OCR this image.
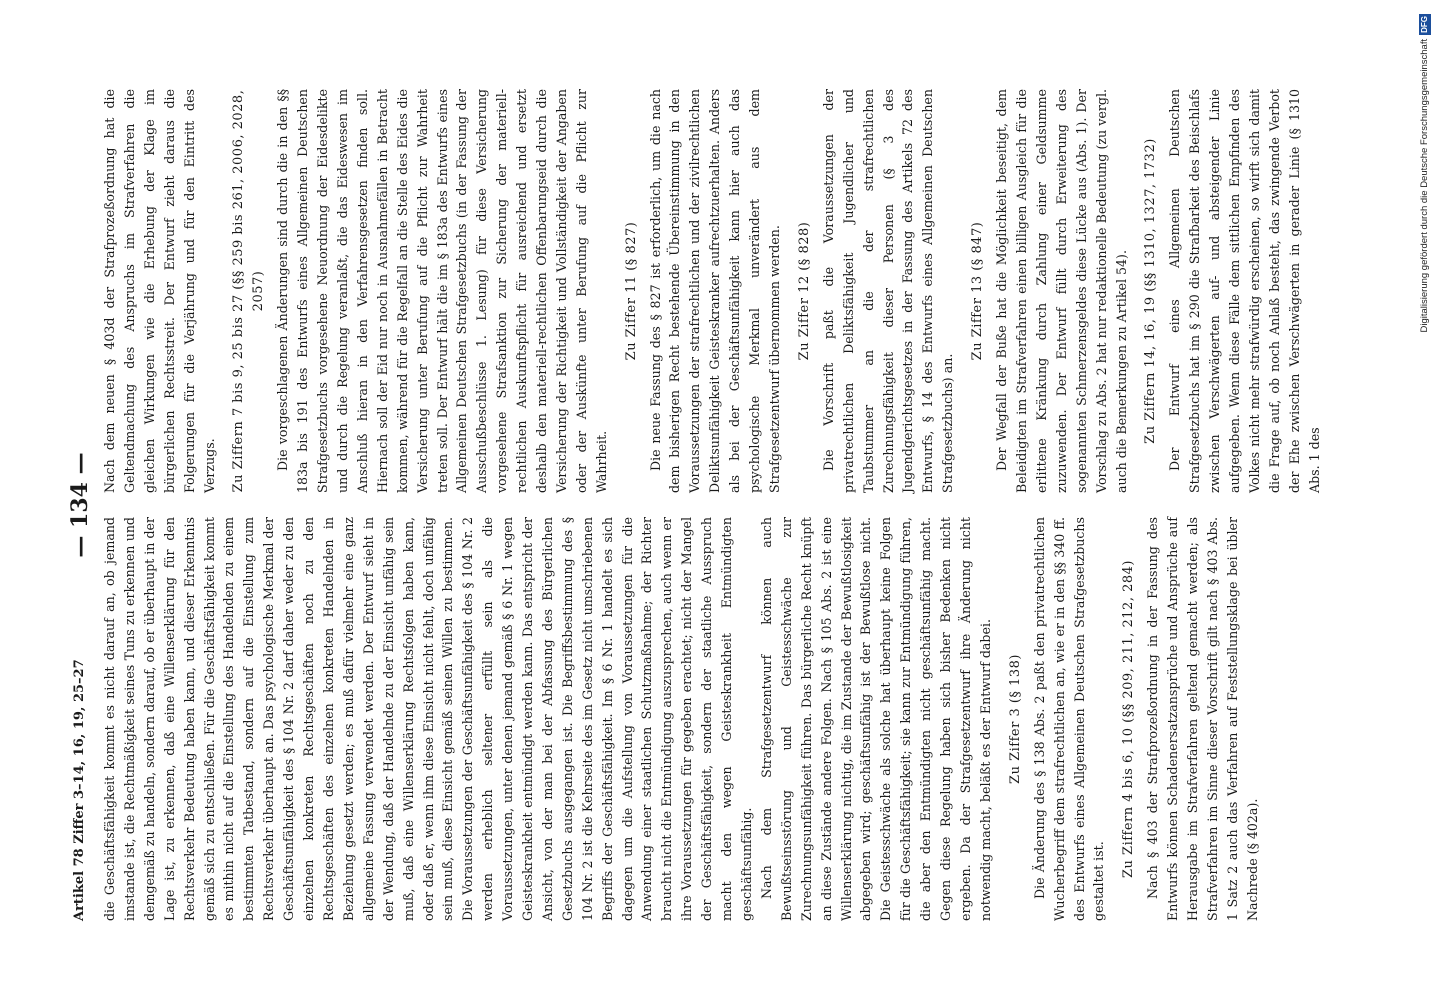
Artikel 78 Ziffer 3–14, 16, 19, 25–27
— 134 —

die Geschäftsfähigkeit kommt es nicht darauf an, ob jemand imstande ist, die Rechtmäßigkeit seines Tuns zu erkennen und demgemäß zu handeln, sondern darauf, ob er überhaupt in der Lage ist, zu erkennen, daß eine Willenserklärung für den Rechtsverkehr Bedeutung haben kann, und dieser Erkenntnis gemäß sich zu entschließen. Für die Geschäftsfähigkeit kommt es mithin nicht auf die Einstellung des Handelnden zu einem bestimmten Tatbestand, sondern auf die Einstellung zum Rechtsverkehr überhaupt an. Das psychologische Merkmal der Geschäftsunfähigkeit des § 104 Nr. 2 darf daher weder zu den einzelnen konkreten Rechtsgeschäften noch zu den Rechtsgeschäften des einzelnen konkreten Handelnden in Beziehung gesetzt werden; es muß dafür vielmehr eine ganz allgemeine Fassung verwendet werden. Der Entwurf sieht in der Wendung, daß der Handelnde zu der Einsicht unfähig sein muß, daß eine Willenserklärung Rechtsfolgen haben kann, oder daß er, wenn ihm diese Einsicht nicht fehlt, doch unfähig sein muß, diese Einsicht gemäß seinen Willen zu bestimmen. Die Voraussetzungen der Geschäftsunfähigkeit des § 104 Nr. 2 werden erheblich seltener erfüllt sein als die Voraussetzungen, unter denen jemand gemäß § 6 Nr. 1 wegen Geisteskrankheit entmündigt werden kann. Das entspricht der Ansicht, von der man bei der Abfassung des Bürgerlichen Gesetzbuchs ausgegangen ist. Die Begriffsbestimmung des § 104 Nr. 2 ist die Kehrseite des im Gesetz nicht umschriebenen Begriffs der Geschäftsfähigkeit. Im § 6 Nr. 1 handelt es sich dagegen um die Aufstellung von Voraussetzungen für die Anwendung einer staatlichen Schutzmaßnahme; der Richter braucht nicht die Entmündigung auszusprechen, auch wenn er ihre Voraussetzungen für gegeben erachtet; nicht der Mangel der Geschäftsfähigkeit, sondern der staatliche Ausspruch macht den wegen Geisteskrankheit Entmündigten geschäftsunfähig. Nach dem Strafgesetzentwurf können auch Bewußtseinsstörung und Geistesschwäche zur Zurechnungsunfähigkeit führen. Das bürgerliche Recht knüpft an diese Zustände andere Folgen. Nach § 105 Abs. 2 ist eine Willenserklärung nichtig, die im Zustande der Bewußtlosigkeit abgegeben wird; geschäftsunfähig ist der Bewußtlose nicht. Die Geistesschwäche als solche hat überhaupt keine Folgen für die Geschäftsfähigkeit; sie kann zur Entmündigung führen, die aber den Entmündigten nicht geschäftsunfähig macht. Gegen diese Regelung haben sich bisher Bedenken nicht ergeben. Da der Strafgesetzentwurf ihre Änderung nicht notwendig macht, beläßt es der Entwurf dabei. Zu Ziffer 3 (§ 138) Die Änderung des § 138 Abs. 2 paßt den privatrechtlichen Wucherbegriff dem strafrechtlichen an, wie er in den §§ 340 ff. des Entwurfs eines Allgemeinen Deutschen Strafgesetzbuchs gestaltet ist.

Zu Ziffern 4 bis 6, 10 (§§ 209, 211, 212, 284) Nach § 403 der Strafprozeßordnung in der Fassung des Entwurfs können Schadenersatzansprüche und Ansprüche auf Herausgabe im Strafverfahren geltend gemacht werden; als Strafverfahren im Sinne dieser Vorschrift gilt nach § 403 Abs. 1 Satz 2 auch das Verfahren auf Feststellungsklage bei übler Nachrede (§ 402a).

Nach dem neuen § 403d der Strafprozeßordnung hat die Geltendmachung des Anspruchs im Strafverfahren die gleichen Wirkungen wie die Erhebung der Klage im bürgerlichen Rechtsstreit. Der Entwurf zieht daraus die Folgerungen für die Verjährung und für den Eintritt des Verzugs. Zu Ziffern 7 bis 9, 25 bis 27 (§§ 259 bis 261, 2006, 2028, 2057) Die vorgeschlagenen Änderungen sind durch die in den §§ 183a bis 191 des Entwurfs eines Allgemeinen Deutschen Strafgesetzbuchs vorgesehene Neuordnung der Eidesdelikte und durch die Regelung veranlaßt, die das Eideswesen im Anschluß hieran in den Verfahrensgesetzen finden soll. Hiernach soll der Eid nur noch in Ausnahmefällen in Betracht kommen, während für die Regelfall an die Stelle des Eides die Versicherung unter Berufung auf die Pflicht zur Wahrheit treten soll. Der Entwurf hält die im § 183a des Entwurfs eines Allgemeinen Deutschen Strafgesetzbuchs (in der Fassung der Ausschußbeschlüsse 1. Lesung) für diese Versicherung vorgesehene Strafsanktion zur Sicherung der materiell-rechtlichen Auskunftspflicht für ausreichend und ersetzt deshalb den materiell-rechtlichen Offenbarungseid durch die Versicherung der Richtigkeit und Vollständigkeit der Angaben oder der Auskünfte unter Berufung auf die Pflicht zur Wahrheit.

Zu Ziffer 11 (§ 827) Die neue Fassung des § 827 ist erforderlich, um die nach dem bisherigen Recht bestehende Übereinstimmung in den Voraussetzungen der strafrechtlichen und der zivilrechtlichen Deliktsunfähigkeit Geisteskranker aufrechtzuerhalten. Anders als bei der Geschäftsunfähigkeit kann hier auch das psychologische Merkmal unverändert aus dem Strafgesetzentwurf übernommen werden. Zu Ziffer 12 (§ 828) Die Vorschrift paßt die Voraussetzungen der privatrechtlichen Deliktsfähigkeit Jugendlicher und Taubstummer an die der strafrechtlichen Zurechnungsfähigkeit dieser Personen (§ 3 des Jugendgerichtsgesetzes in der Fassung des Artikels 72 des Entwurfs, § 14 des Entwurfs eines Allgemeinen Deutschen Strafgesetzbuchs) an.

Zu Ziffer 13 (§ 847) Der Wegfall der Buße hat die Möglichkeit beseitigt, dem Beleidigten im Strafverfahren einen billigen Ausgleich für die erlittene Kränkung durch Zahlung einer Geldsumme zuzuwenden. Der Entwurf füllt durch Erweiterung des sogenannten Schmerzensgeldes diese Lücke aus (Abs. 1). Der Vorschlag zu Abs. 2 hat nur redaktionelle Bedeutung (zu vergl. auch die Bemerkungen zu Artikel 54). Zu Ziffern 14, 16, 19 (§§ 1310, 1327, 1732) Der Entwurf eines Allgemeinen Deutschen Strafgesetzbuchs hat im § 290 die Strafbarkeit des Beischlafs zwischen Verschwägerten auf- und absteigender Linie aufgegeben. Wenn diese Fälle dem sittlichen Empfinden des Volkes nicht mehr strafwürdig erscheinen, so wirft sich damit die Frage auf, ob noch Anlaß besteht, das zwingende Verbot der Ehe zwischen Verschwägerten in gerader Linie (§ 1310 Abs. 1 des

Digitalisierung gefördert durch die Deutsche Forschungsgemeinschaft
DFG
